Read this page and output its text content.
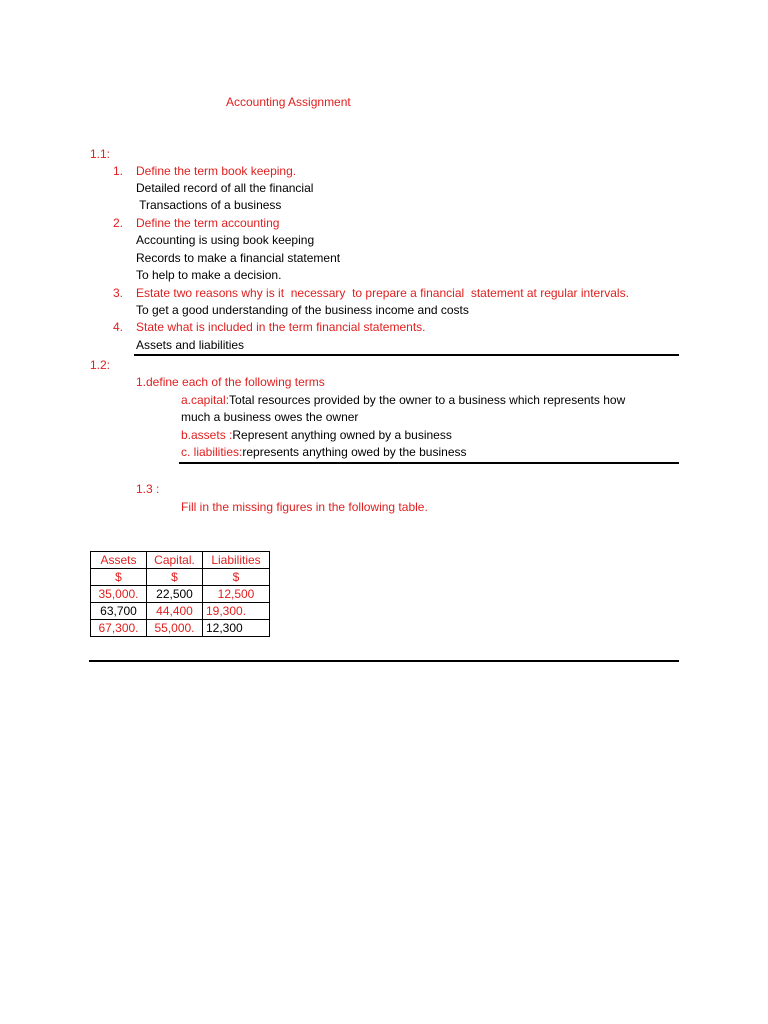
Accounting Assignment
1.1:
1. Define the term book keeping.
Detailed record of all the financial
Transactions of a business
2. Define the term accounting
Accounting is using book keeping
Records to make a financial statement
To help to make a decision.
3. Estate two reasons why is it  necessary  to prepare a financial  statement at regular intervals.
To get a good understanding of the business income and costs
4. State what is included in the term financial statements.
Assets and liabilities
1.2:
1.define each of the following terms
a.capital:Total resources provided by the owner to a business which represents how
much a business owes the owner
b.assets :Represent anything owned by a business
c. liabilities:represents anything owed by the business
1.3 :
Fill in the missing figures in the following table.
Assets	Capital.	Liabilities
$	$	$
35,000.	22,500	12,500
63,700	44,400	19,300.
67,300.	55,000.	12,300
